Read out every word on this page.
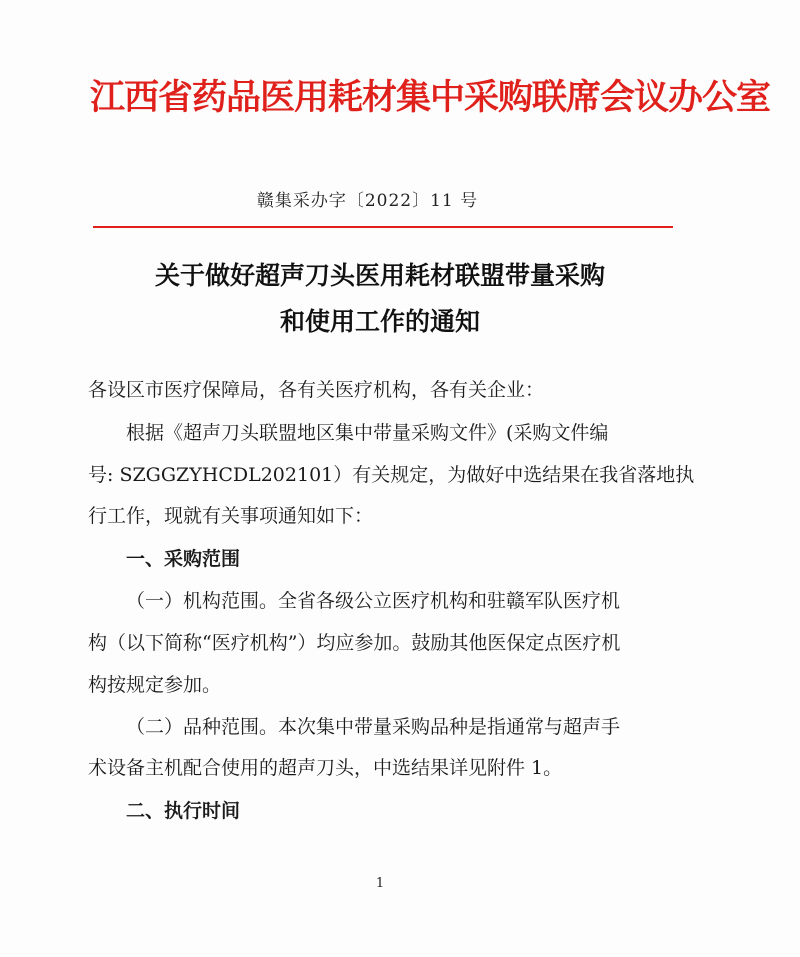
江西省药品医用耗材集中采购联席会议办公室
赣集采办字〔2022〕11 号
关于做好超声刀头医用耗材联盟带量采购
和使用工作的通知
各设区市医疗保障局，各有关医疗机构，各有关企业：
根据《超声刀头联盟地区集中带量采购文件》(采购文件编
号: SZGGZYHCDL202101）有关规定，为做好中选结果在我省落地执
行工作，现就有关事项通知如下：
一、采购范围
（一）机构范围。全省各级公立医疗机构和驻赣军队医疗机
构（以下简称“医疗机构”）均应参加。鼓励其他医保定点医疗机
构按规定参加。
（二）品种范围。本次集中带量采购品种是指通常与超声手
术设备主机配合使用的超声刀头，中选结果详见附件 1。
二、执行时间
1
